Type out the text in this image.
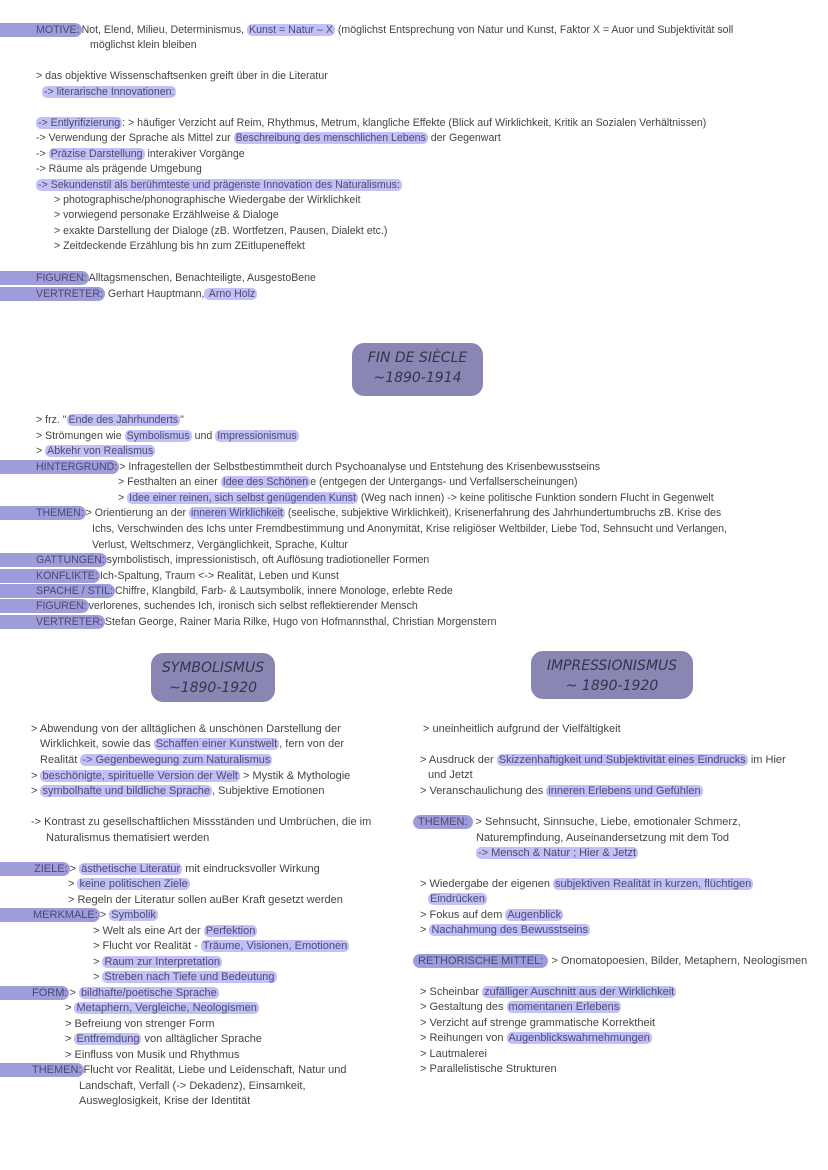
MOTIVE: Not, Elend, Milieu, Determinismus, Kunst = Natur – X (möglichst Entsprechung von Natur und Kunst, Faktor X = Auor und Subjektivität soll
möglichst klein bleiben
> das objektive Wissenschaftsenken greift über in die Literatur
-> literarische Innovationen:
-> Entlyrifizierung : > häufiger Verzicht auf Reim, Rhythmus, Metrum, klangliche Effekte (Blick auf Wirklichkeit, Kritik an Sozialen Verhältnissen)
-> Verwendung der Sprache als Mittel zur Beschreibung des menschlichen Lebens der Gegenwart
-> Präzise Darstellung interakiver Vorgänge
-> Räume als prägende Umgebung
-> Sekundenstil als berühmteste und prägenste Innovation des Naturalismus:
> photographische/phonographische Wiedergabe der Wirklichkeit
> vorwiegend personake Erzählweise & Dialoge
> exakte Darstellung der Dialoge (zB. Wortfetzen, Pausen, Dialekt etc.)
> Zeitdeckende Erzählung bis hn zum ZEitlupeneffekt
FIGUREN: Alltagsmenschen, Benachteiligte, AusgestoBene
VERTRETER: Gerhart Hauptmann, Arno Holz
FIN DE SIÈCLE
~1890-1914
> frz. " Ende des Jahrhunderts "
> Strömungen wie Symbolismus und Impressionismus
> Abkehr von Realismus
HINTERGRUND: > Infragestellen der Selbstbestimmtheit durch Psychoanalyse und Entstehung des Krisenbewusstseins
> Festhalten an einer Idee des Schönen e (entgegen der Untergangs- und Verfallserscheinungen)
> Idee einer reinen, sich selbst genügenden Kunst (Weg nach innen) -> keine politische Funktion sondern Flucht in Gegenwelt
THEMEN: > Orientierung an der inneren Wirklichkeit (seelische, subjektive Wirklichkeit), Krisenerfahrung des Jahrhundertumbruchs zB. Krise des
Ichs, Verschwinden des Ichs unter Fremdbestimmung und Anonymität, Krise religiöser Weltbilder, Liebe Tod, Sehnsucht und Verlangen,
Verlust, Weltschmerz, Vergänglichkeit, Sprache, Kultur
GATTUNGEN: symbolistisch, impressionistisch, oft Auflösung tradiotioneller Formen
KONFLIKTE: Ich-Spaltung, Traum <-> Realität, Leben und Kunst
SPACHE / STIL: Chiffre, Klangbild, Farb- & Lautsymbolik, innere Monologe, erlebte Rede
FIGUREN: verlorenes, suchendes Ich, ironisch sich selbst reflektierender Mensch
VERTRETER: Stefan George, Rainer Maria Rilke, Hugo von Hofmannsthal, Christian Morgenstern
SYMBOLISMUS
~1890-1920
> Abwendung von der alltäglichen & unschönen Darstellung der
Wirklichkeit, sowie das Schaffen einer Kunstwelt , fern von der
Realität -> Gegenbewegung zum Naturalismus
> beschönigte, spirituelle Version der Welt > Mystik & Mythologie
> symbolhafte und bildliche Sprache , Subjektive Emotionen
-> Kontrast zu gesellschaftlichen Missständen und Umbrüchen, die im
Naturalismus thematisiert werden
ZIELE: > ästhetische Literatur mit eindrucksvoller Wirkung
> keine politischen Ziele
> Regeln der Literatur sollen auBer Kraft gesetzt werden
MERKMALE: > Symbolik
> Welt als eine Art der Perfektion
> Flucht vor Realität - Träume, Visionen, Emotionen
> Raum zur Interpretation
> Streben nach Tiefe und Bedeutung
FORM: > bildhafte/poetische Sprache
> Metaphern, Vergleiche, Neologismen
> Befreiung von strenger Form
> Entfremdung von alltäglicher Sprache
> Einfluss von Musik und Rhythmus
THEMEN: Flucht vor Realität, Liebe und Leidenschaft, Natur und
Landschaft, Verfall (-> Dekadenz), Einsamkeit,
Ausweglosigkeit, Krise der Identität
IMPRESSIONISMUS
~ 1890-1920
> uneinheitlich aufgrund der Vielfältigkeit
> Ausdruck der Skizzenhaftigkeit und Subjektivität eines Eindrucks im Hier
und Jetzt
> Veranschaulichung des inneren Erlebens und Gefühlen
THEMEN: > Sehnsucht, Sinnsuche, Liebe, emotionaler Schmerz,
Naturempfindung, Auseinandersetzung mit dem Tod
-> Mensch & Natur ; Hier & Jetzt
> Wiedergabe der eigenen subjektiven Realität in kurzen, flüchtigen
Eindrücken
> Fokus auf dem Augenblick
> Nachahmung des Bewusstseins
RETHORISCHE MITTEL: > Onomatopoesien, Bilder, Metaphern, Neologismen
> Scheinbar zufälliger Auschnitt aus der Wirklichkeit
> Gestaltung des momentanen Erlebens
> Verzicht auf strenge grammatische Korrektheit
> Reihungen von Augenblickswahrnehmungen
> Lautmalerei
> Parallelistische Strukturen
